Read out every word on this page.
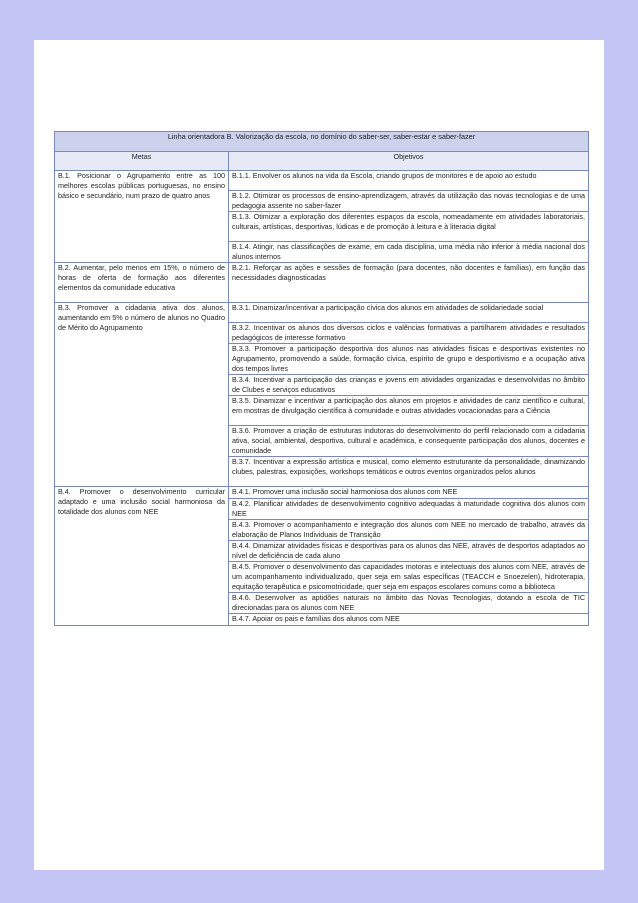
Linha orientadora B. Valorização da escola, no domínio do saber-ser, saber-estar e saber-fazer	
Metas	Objetivos
B.1. Posicionar o Agrupamento entre as 100 melhores escolas públicas portuguesas, no ensino básico e secundário, num prazo de quatro anos	B.1.1. Envolver os alunos na vida da Escola, criando grupos de monitores e de apoio ao estudo
	B.1.2. Otimizar os processos de ensino-aprendizagem, através da utilização das novas tecnologias e de uma pedagogia assente no saber-fazer
	B.1.3. Otimizar a exploração dos diferentes espaços da escola, nomeadamente em atividades laboratoriais, culturais, artísticas, desportivas, lúdicas e de promoção à leitura e à literacia digital
	B.1.4. Atingir, nas classificações de exame, em cada disciplina, uma média não inferior à média nacional dos alunos internos
B.2. Aumentar, pelo menos em 15%, o número de horas de oferta de formação aos diferentes elementos da comunidade educativa	B.2.1. Reforçar as ações e sessões de formação (para docentes, não docentes e famílias), em função das necessidades diagnosticadas
B.3. Promover a cidadania ativa dos alunos, aumentando em 5% o número de alunos no Quadro de Mérito do Agrupamento	B.3.1. Dinamizar/incentivar a participação cívica dos alunos em atividades de solidariedade social
	B.3.2. Incentivar os alunos dos diversos ciclos e valências formativas a partilharem atividades e resultados pedagógicos de interesse formativo
	B.3.3. Promover a participação desportiva dos alunos nas atividades físicas e desportivas existentes no Agrupamento, promovendo a saúde, formação cívica, espírito de grupo e desportivismo e a ocupação ativa dos tempos livres
	B.3.4. Incentivar a participação das crianças e jovens em atividades organizadas e desenvolvidas no âmbito de Clubes e serviços educativos
	B.3.5. Dinamizar e incentivar a participação dos alunos em projetos e atividades de cariz científico e cultural, em mostras de divulgação científica à comunidade e outras atividades vocacionadas para a Ciência
	B.3.6. Promover a criação de estruturas indutoras do desenvolvimento do perfil relacionado com a cidadania ativa, social, ambiental, desportiva, cultural e académica, e consequente participação dos alunos, docentes e comunidade
	B.3.7. Incentivar a expressão artística e musical, como elemento estruturante da personalidade, dinamizando clubes, palestras, exposições, workshops temáticos e outros eventos organizados pelos alunos
B.4. Promover o desenvolvimento curricular adaptado e uma inclusão social harmoniosa da totalidade dos alunos com NEE	B.4.1. Promover uma inclusão social harmoniosa dos alunos com NEE
	B.4.2. Planificar atividades de desenvolvimento cognitivo adequadas à maturidade cognitiva dos alunos com NEE
	B.4.3. Promover o acompanhamento e integração dos alunos com NEE no mercado de trabalho, através da elaboração de Planos Individuais de Transição
	B.4.4. Dinamizar atividades físicas e desportivas para os alunos das NEE, através de desportos adaptados ao nível de deficiência de cada aluno
	B.4.5. Promover o desenvolvimento das capacidades motoras e intelectuais dos alunos com NEE, através de um acompanhamento individualizado, quer seja em salas específicas (TEACCH e Snoezelen), hidroterapia, equitação terapêutica e psicomotricidade, quer seja em espaços escolares comuns como a biblioteca
	B.4.6. Desenvolver as aptidões naturais no âmbito das Novas Tecnologias, dotando a escola de TIC direcionadas para os alunos com NEE
	B.4.7. Apoiar os pais e famílias dos alunos com NEE
